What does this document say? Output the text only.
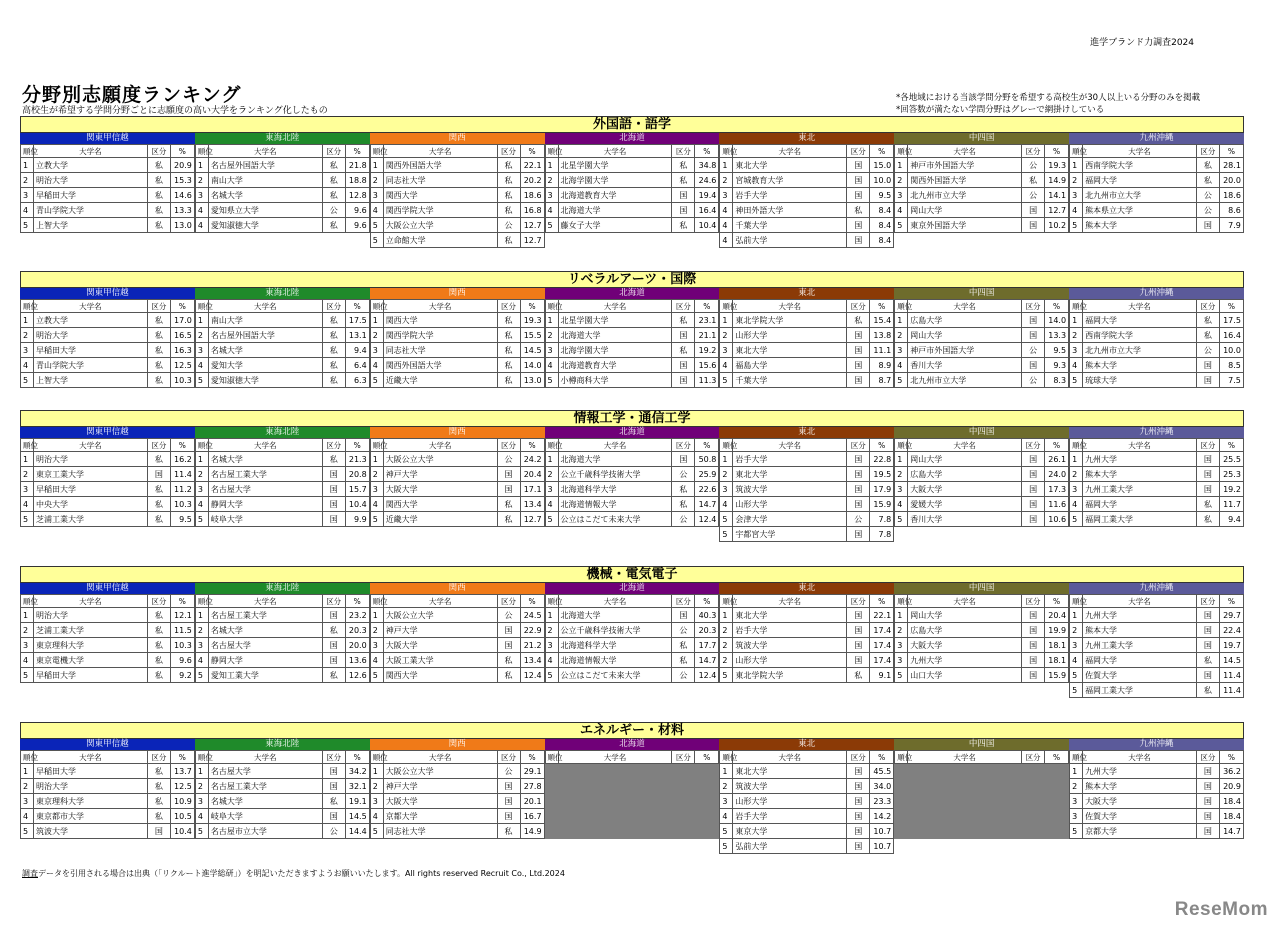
進学ブランド力調査2024
分野別志願度ランキング
高校生が希望する学問分野ごとに志願度の高い大学をランキング化したもの
*各地域における当該学問分野を希望する高校生が30人以上いる分野のみを掲載
*回答数が満たない学問分野はグレーで網掛けしている
外国語・語学
関東甲信越
順位	大学名	区分	%
1	立教大学	私	20.9
2	明治大学	私	15.3
3	早稲田大学	私	14.6
4	青山学院大学	私	13.3
5	上智大学	私	13.0
東海北陸
順位	大学名	区分	%
1	名古屋外国語大学	私	21.8
2	南山大学	私	18.8
3	名城大学	私	12.8
4	愛知県立大学	公	9.6
4	愛知淑徳大学	私	9.6
関西
順位	大学名	区分	%
1	関西外国語大学	私	22.1
2	同志社大学	私	20.2
3	関西大学	私	18.6
4	関西学院大学	私	16.8
5	大阪公立大学	公	12.7
5	立命館大学	私	12.7
北海道
順位	大学名	区分	%
1	北星学園大学	私	34.8
2	北海学園大学	私	24.6
3	北海道教育大学	国	19.4
4	北海道大学	国	16.4
5	藤女子大学	私	10.4
東北
順位	大学名	区分	%
1	東北大学	国	15.0
2	宮城教育大学	国	10.0
3	岩手大学	国	9.5
4	神田外語大学	私	8.4
4	千葉大学	国	8.4
4	弘前大学	国	8.4
中四国
順位	大学名	区分	%
1	神戸市外国語大学	公	19.3
2	関西外国語大学	私	14.9
3	北九州市立大学	公	14.1
4	岡山大学	国	12.7
5	東京外国語大学	国	10.2
九州沖縄
順位	大学名	区分	%
1	西南学院大学	私	28.1
2	福岡大学	私	20.0
3	北九州市立大学	公	18.6
4	熊本県立大学	公	8.6
5	熊本大学	国	7.9
リベラルアーツ・国際
関東甲信越
順位	大学名	区分	%
1	立教大学	私	17.0
2	明治大学	私	16.5
3	早稲田大学	私	16.3
4	青山学院大学	私	12.5
5	上智大学	私	10.3
東海北陸
順位	大学名	区分	%
1	南山大学	私	17.5
2	名古屋外国語大学	私	13.1
3	名城大学	私	9.4
4	愛知大学	私	6.4
5	愛知淑徳大学	私	6.3
関西
順位	大学名	区分	%
1	関西大学	私	19.3
2	関西学院大学	私	15.5
3	同志社大学	私	14.5
4	関西外国語大学	私	14.0
5	近畿大学	私	13.0
北海道
順位	大学名	区分	%
1	北星学園大学	私	23.1
2	北海道大学	国	21.1
3	北海学園大学	私	19.2
4	北海道教育大学	国	15.6
5	小樽商科大学	国	11.3
東北
順位	大学名	区分	%
1	東北学院大学	私	15.4
2	山形大学	国	13.8
3	東北大学	国	11.1
4	福島大学	国	8.9
5	千葉大学	国	8.7
中四国
順位	大学名	区分	%
1	広島大学	国	14.0
2	岡山大学	国	13.3
3	神戸市外国語大学	公	9.5
4	香川大学	国	9.3
5	北九州市立大学	公	8.3
九州沖縄
順位	大学名	区分	%
1	福岡大学	私	17.5
2	西南学院大学	私	16.4
3	北九州市立大学	公	10.0
4	熊本大学	国	8.5
5	琉球大学	国	7.5
情報工学・通信工学
関東甲信越
順位	大学名	区分	%
1	明治大学	私	16.2
2	東京工業大学	国	11.4
3	早稲田大学	私	11.2
4	中央大学	私	10.3
5	芝浦工業大学	私	9.5
東海北陸
順位	大学名	区分	%
1	名城大学	私	21.3
2	名古屋工業大学	国	20.8
3	名古屋大学	国	15.7
4	静岡大学	国	10.4
5	岐阜大学	国	9.9
関西
順位	大学名	区分	%
1	大阪公立大学	公	24.2
2	神戸大学	国	20.4
3	大阪大学	国	17.1
4	関西大学	私	13.4
5	近畿大学	私	12.7
北海道
順位	大学名	区分	%
1	北海道大学	国	50.8
2	公立千歳科学技術大学	公	25.9
3	北海道科学大学	私	22.6
4	北海道情報大学	私	14.7
5	公立はこだて未来大学	公	12.4
東北
順位	大学名	区分	%
1	岩手大学	国	22.8
2	東北大学	国	19.5
3	筑波大学	国	17.9
4	山形大学	国	15.9
5	会津大学	公	7.8
5	宇都宮大学	国	7.8
中四国
順位	大学名	区分	%
1	岡山大学	国	26.1
2	広島大学	国	24.0
3	大阪大学	国	17.3
4	愛媛大学	国	11.6
5	香川大学	国	10.6
九州沖縄
順位	大学名	区分	%
1	九州大学	国	25.5
2	熊本大学	国	25.3
3	九州工業大学	国	19.2
4	福岡大学	私	11.7
5	福岡工業大学	私	9.4
機械・電気電子
関東甲信越
順位	大学名	区分	%
1	明治大学	私	12.1
2	芝浦工業大学	私	11.5
3	東京理科大学	私	10.3
4	東京電機大学	私	9.6
5	早稲田大学	私	9.2
東海北陸
順位	大学名	区分	%
1	名古屋工業大学	国	23.2
2	名城大学	私	20.3
3	名古屋大学	国	20.0
4	静岡大学	国	13.6
5	愛知工業大学	私	12.6
関西
順位	大学名	区分	%
1	大阪公立大学	公	24.5
2	神戸大学	国	22.9
3	大阪大学	国	21.2
4	大阪工業大学	私	13.4
5	関西大学	私	12.4
北海道
順位	大学名	区分	%
1	北海道大学	国	40.3
2	公立千歳科学技術大学	公	20.3
3	北海道科学大学	私	17.7
4	北海道情報大学	私	14.7
5	公立はこだて未来大学	公	12.4
東北
順位	大学名	区分	%
1	東北大学	国	22.1
2	岩手大学	国	17.4
2	筑波大学	国	17.4
2	山形大学	国	17.4
5	東北学院大学	私	9.1
中四国
順位	大学名	区分	%
1	岡山大学	国	20.4
2	広島大学	国	19.9
3	大阪大学	国	18.1
3	九州大学	国	18.1
5	山口大学	国	15.9
九州沖縄
順位	大学名	区分	%
1	九州大学	国	29.7
2	熊本大学	国	22.4
3	九州工業大学	国	19.7
4	福岡大学	私	14.5
5	佐賀大学	国	11.4
5	福岡工業大学	私	11.4
エネルギー・材料
関東甲信越
順位	大学名	区分	%
1	早稲田大学	私	13.7
2	明治大学	私	12.5
3	東京理科大学	私	10.9
4	東京都市大学	私	10.5
5	筑波大学	国	10.4
東海北陸
順位	大学名	区分	%
1	名古屋大学	国	34.2
2	名古屋工業大学	国	32.1
3	名城大学	私	19.1
4	岐阜大学	国	14.5
5	名古屋市立大学	公	14.4
関西
順位	大学名	区分	%
1	大阪公立大学	公	29.1
2	神戸大学	国	27.8
3	大阪大学	国	20.1
4	京都大学	国	16.7
5	同志社大学	私	14.9
北海道
順位	大学名	区分	%

東北
順位	大学名	区分	%
1	東北大学	国	45.5
2	筑波大学	国	34.0
3	山形大学	国	23.3
4	岩手大学	国	14.2
5	東京大学	国	10.7
5	弘前大学	国	10.7
中四国
順位	大学名	区分	%

九州沖縄
順位	大学名	区分	%
1	九州大学	国	36.2
2	熊本大学	国	20.9
3	大阪大学	国	18.4
3	佐賀大学	国	18.4
5	京都大学	国	14.7
調査データを引用される場合は出典（「リクルート進学総研」）を明記いただきますようお願いいたします。All rights reserved Recruit Co., Ltd.2024
ReseMom
